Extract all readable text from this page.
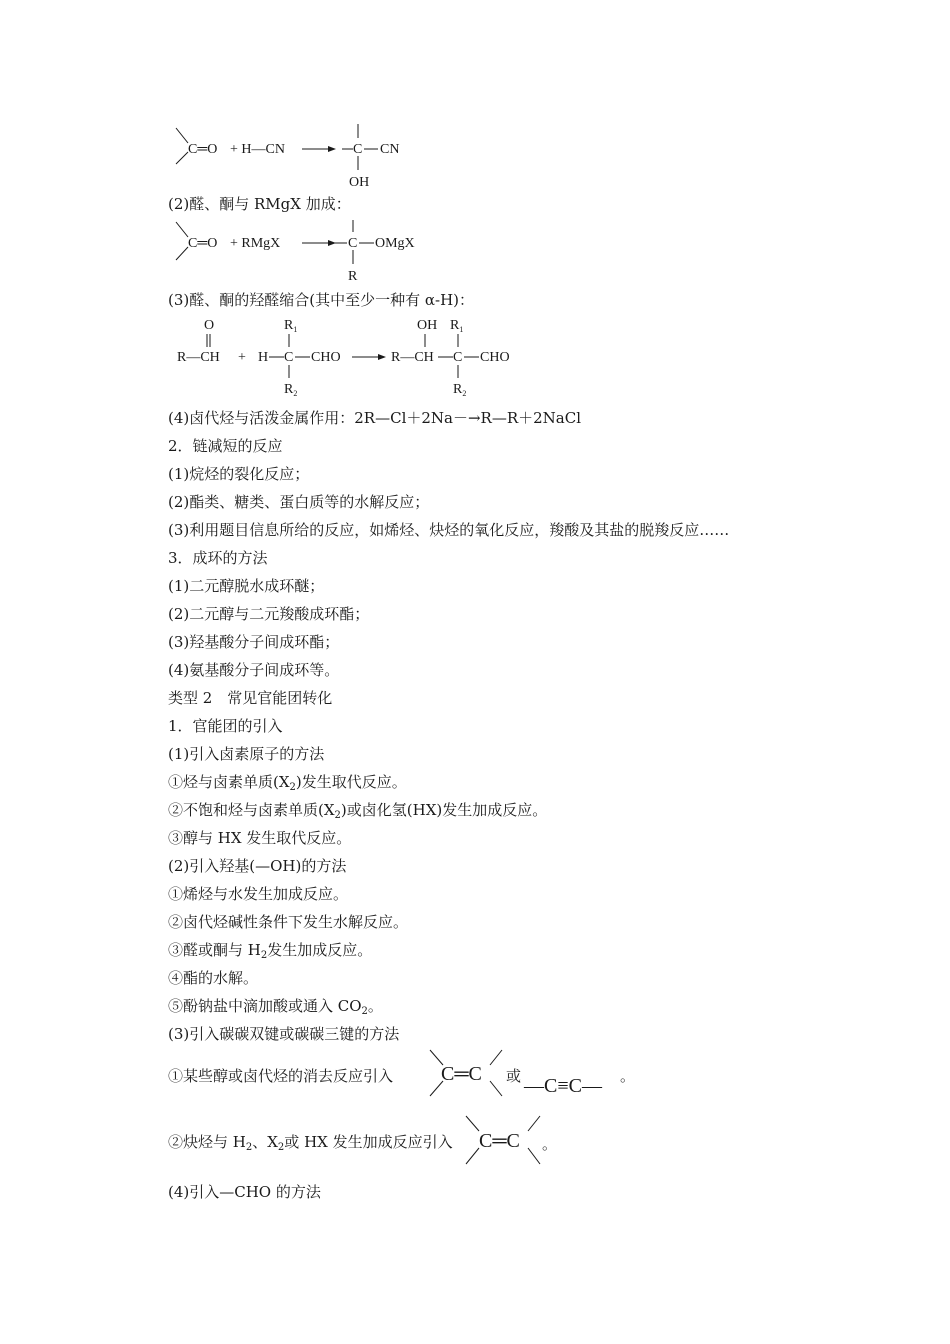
C═O + H—CN	C CN
OH
(2)醛、酮与 RMgX 加成：
C═O + RMgX	C OMgX
R
(3)醛、酮的羟醛缩合(其中至少一种有 α-H)：
O
R—CH + H
$R_1$
C CHO
$R_2$
OH
R—CH
$R_1$
C CHO
$R_2$
(4)卤代烃与活泼金属作用：2R—Cl＋2Na－→R—R＋2NaCl
2．链减短的反应
(1)烷烃的裂化反应；
(2)酯类、糖类、蛋白质等的水解反应；
(3)利用题目信息所给的反应，如烯烃、炔烃的氧化反应，羧酸及其盐的脱羧反应……
3．成环的方法
(1)二元醇脱水成环醚；
(2)二元醇与二元羧酸成环酯；
(3)羟基酸分子间成环酯；
(4)氨基酸分子间成环等。
类型 2　常见官能团转化
1．官能团的引入
(1)引入卤素原子的方法
①烃与卤素单质$(X_2)$发生取代反应。
②不饱和烃与卤素单质$(X_2)$或卤化氢(HX)发生加成反应。
③醇与 HX 发生取代反应。
(2)引入羟基(—OH)的方法
①烯烃与水发生加成反应。
②卤代烃碱性条件下发生水解反应。
③醛或酮与 $H_2$发生加成反应。
④酯的水解。
⑤酚钠盐中滴加酸或通入 $CO_2$。
(3)引入碳碳双键或碳碳三键的方法
①某些醇或卤代烃的消去反应引入 C═C 或 —C≡C— 。
②炔烃与 $H_2$、$X_2$或 HX 发生加成反应引入 C═C 。
(4)引入—CHO 的方法
